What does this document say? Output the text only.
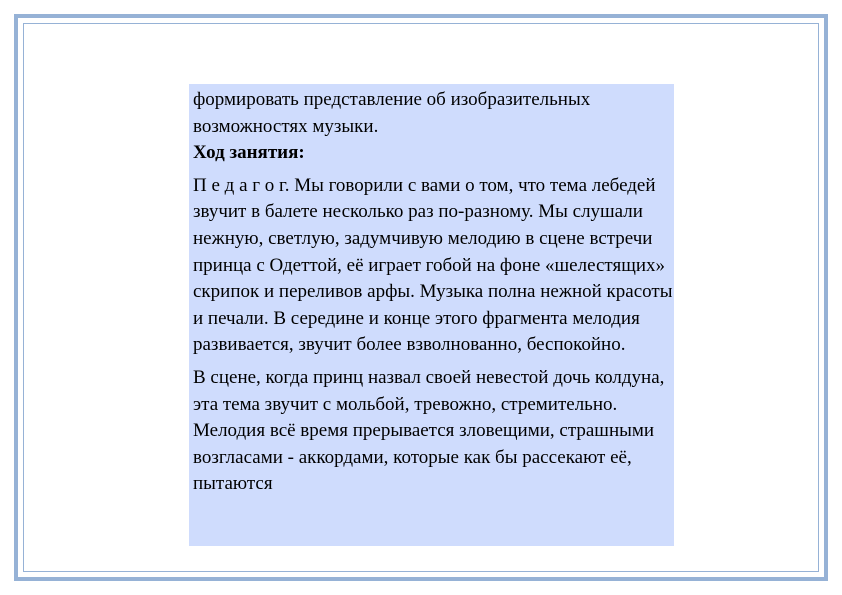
формировать представление об изобразительных возможностях музыки.

Ход занятия:

П е д а г о г. Мы говорили с вами о том, что тема лебедей звучит в балете несколько раз по-разному. Мы слушали нежную, светлую, задумчивую мелодию в сцене встречи принца с Одеттой, её играет гобой на фоне «шелестящих» скрипок и переливов арфы. Музыка полна нежной красоты и печали. В середине и конце этого фрагмента мелодия развивается, звучит более взволнованно, беспокойно.

В сцене, когда принц назвал своей невестой дочь колдуна, эта тема звучит с мольбой, тревожно, стремительно. Мелодия всё время прерывается зловещими, страшными возгласами - аккордами, которые как бы рассекают её, пытаются
